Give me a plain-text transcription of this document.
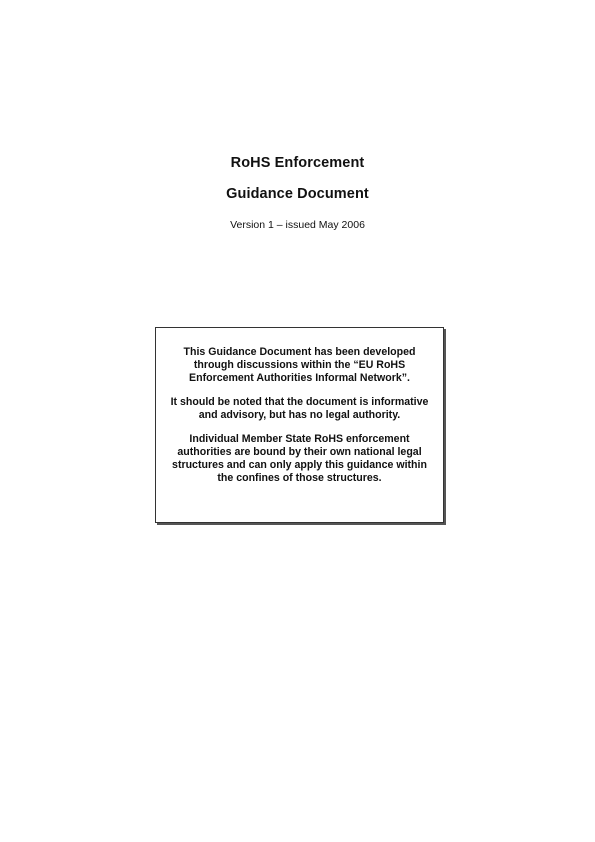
RoHS Enforcement
Guidance Document
Version 1 – issued May 2006

This Guidance Document has been developed through discussions within the “EU RoHS Enforcement Authorities Informal Network”.

It should be noted that the document is informative and advisory, but has no legal authority.

Individual Member State RoHS enforcement authorities are bound by their own national legal structures and can only apply this guidance within the confines of those structures.
